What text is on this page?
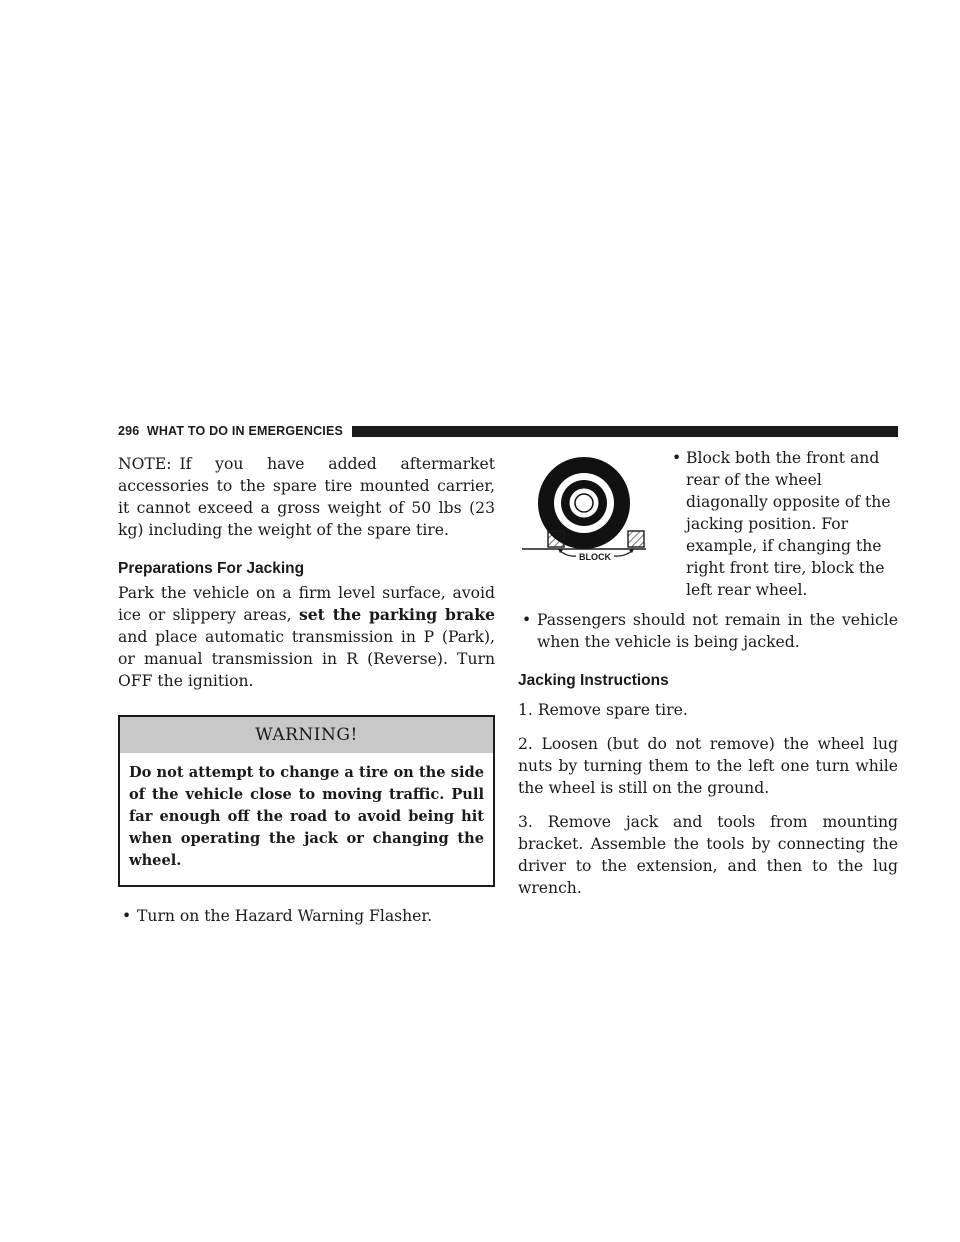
296 WHAT TO DO IN EMERGENCIES

NOTE: If you have added aftermarket accessories to the spare tire mounted carrier, it cannot exceed a gross weight of 50 lbs (23 kg) including the weight of the spare tire.

Preparations For Jacking

Park the vehicle on a firm level surface, avoid ice or slippery areas, set the parking brake and place automatic transmission in P (Park), or manual transmission in R (Reverse). Turn OFF the ignition.

WARNING!
Do not attempt to change a tire on the side of the vehicle close to moving traffic. Pull far enough off the road to avoid being hit when operating the jack or changing the wheel.

• Turn on the Hazard Warning Flasher.

BLOCK

• Block both the front and rear of the wheel diagonally opposite of the jacking position. For example, if changing the right front tire, block the left rear wheel.

• Passengers should not remain in the vehicle when the vehicle is being jacked.

Jacking Instructions

1. Remove spare tire.

2. Loosen (but do not remove) the wheel lug nuts by turning them to the left one turn while the wheel is still on the ground.

3. Remove jack and tools from mounting bracket. Assemble the tools by connecting the driver to the extension, and then to the lug wrench.
